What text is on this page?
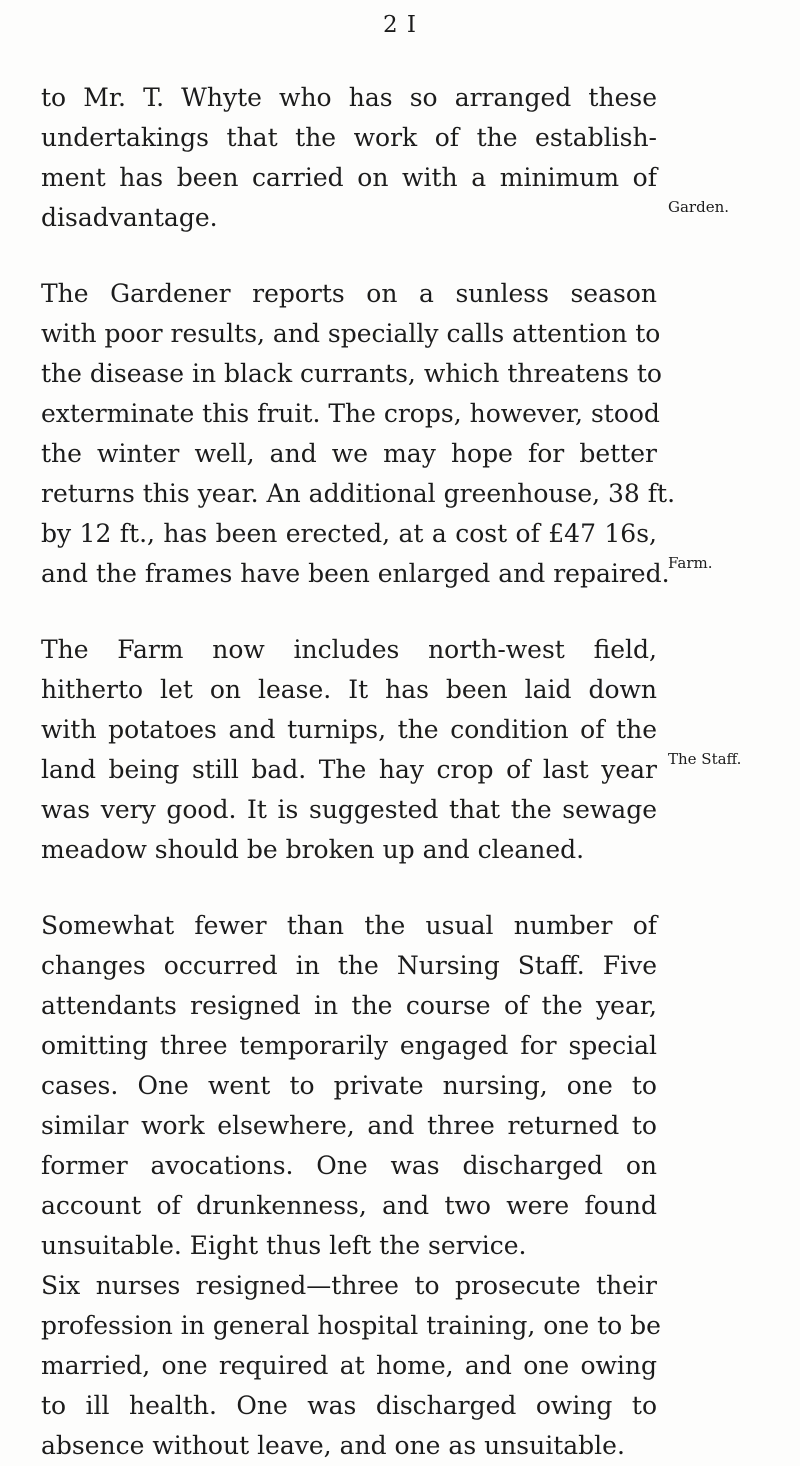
2 I
to Mr. T. Whyte who has so arranged these
undertakings that the work of the establish-
ment has been carried on with a minimum of
disadvantage.
The Gardener reports on a sunless season
with poor results, and specially calls attention to
the disease in black currants, which threatens to
exterminate this fruit. The crops, however, stood
the winter well, and we may hope for better
returns this year. An additional greenhouse, 38 ft.
by 12 ft., has been erected, at a cost of £47 16s,
and the frames have been enlarged and repaired.
The Farm now includes north-west field,
hitherto let on lease. It has been laid down
with potatoes and turnips, the condition of the
land being still bad. The hay crop of last year
was very good. It is suggested that the sewage
meadow should be broken up and cleaned.
Somewhat fewer than the usual number of
changes occurred in the Nursing Staff. Five
attendants resigned in the course of the year,
omitting three temporarily engaged for special
cases. One went to private nursing, one to
similar work elsewhere, and three returned to
former avocations. One was discharged on
account of drunkenness, and two were found
unsuitable. Eight thus left the service.
Six nurses resigned—three to prosecute their
profession in general hospital training, one to be
married, one required at home, and one owing
to ill health. One was discharged owing to
absence without leave, and one as unsuitable.
Garden.
Farm.
The Staff.
